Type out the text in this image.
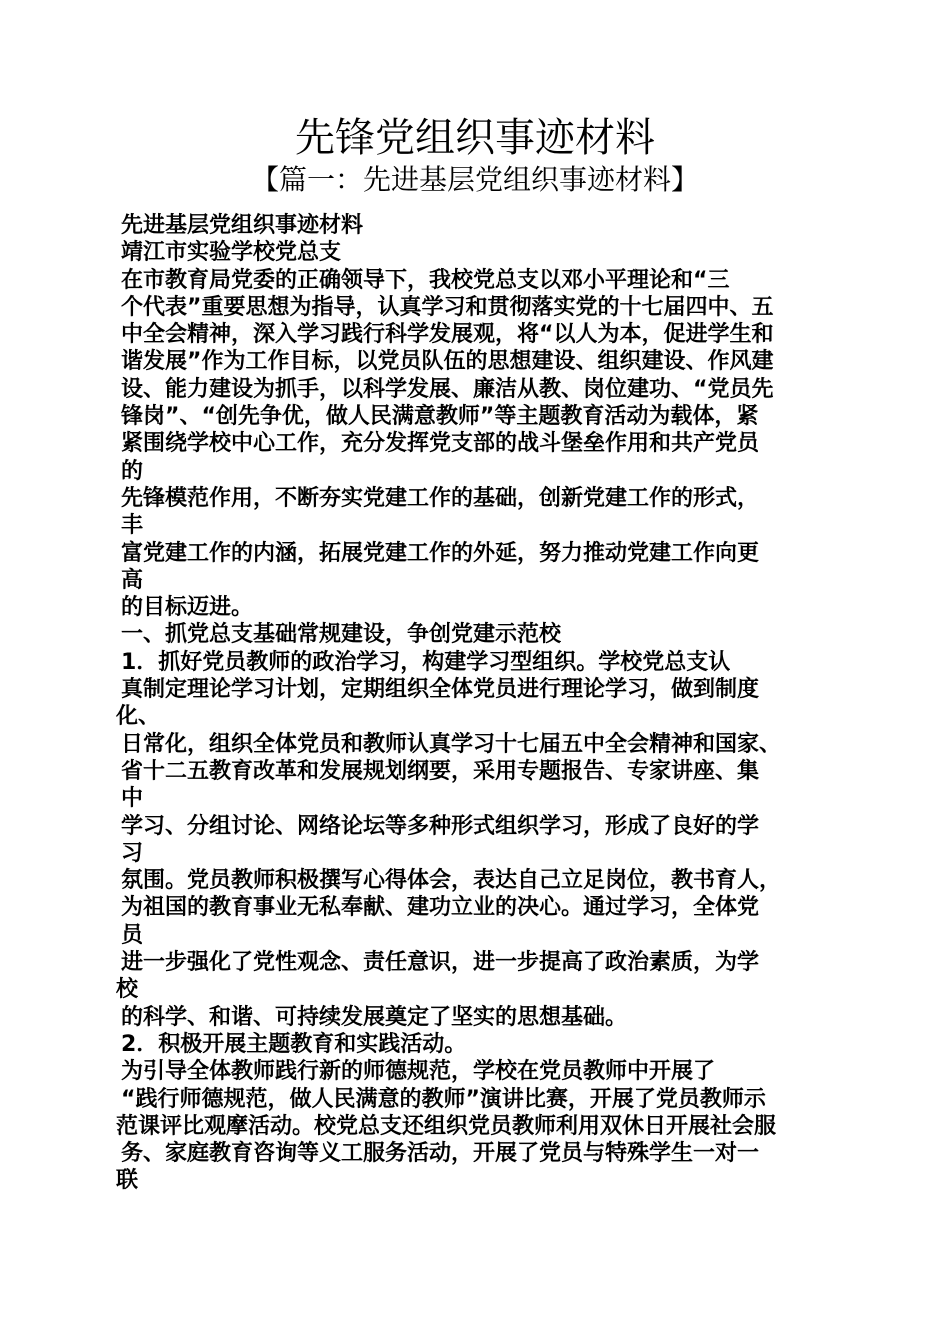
先锋党组织事迹材料
【篇一：先进基层党组织事迹材料】
先进基层党组织事迹材料
靖江市实验学校党总支
在市教育局党委的正确领导下，我校党总支以邓小平理论和“三
个代表”重要思想为指导，认真学习和贯彻落实党的十七届四中、五
中全会精神，深入学习践行科学发展观，将“以人为本，促进学生和
谐发展”作为工作目标，以党员队伍的思想建设、组织建设、作风建
设、能力建设为抓手，以科学发展、廉洁从教、岗位建功、“党员先
锋岗”、“创先争优，做人民满意教师”等主题教育活动为载体，紧
紧围绕学校中心工作，充分发挥党支部的战斗堡垒作用和共产党员
的
先锋模范作用，不断夯实党建工作的基础，创新党建工作的形式，
丰
富党建工作的内涵，拓展党建工作的外延，努力推动党建工作向更
高
的目标迈进。
一、抓党总支基础常规建设，争创党建示范校
1．抓好党员教师的政治学习，构建学习型组织。学校党总支认
真制定理论学习计划，定期组织全体党员进行理论学习，做到制度
化、
日常化，组织全体党员和教师认真学习十七届五中全会精神和国家、
省十二五教育改革和发展规划纲要，采用专题报告、专家讲座、集
中
学习、分组讨论、网络论坛等多种形式组织学习，形成了良好的学
习
氛围。党员教师积极撰写心得体会，表达自己立足岗位，教书育人，
为祖国的教育事业无私奉献、建功立业的决心。通过学习，全体党
员
进一步强化了党性观念、责任意识，进一步提高了政治素质，为学
校
的科学、和谐、可持续发展奠定了坚实的思想基础。
2．积极开展主题教育和实践活动。
为引导全体教师践行新的师德规范，学校在党员教师中开展了
“践行师德规范，做人民满意的教师”演讲比赛，开展了党员教师示
范课评比观摩活动。校党总支还组织党员教师利用双休日开展社会服
务、家庭教育咨询等义工服务活动，开展了党员与特殊学生一对一
联
